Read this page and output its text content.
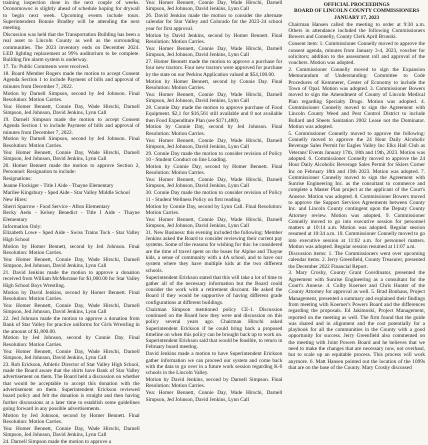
training inspection done in the next couple of weeks. Oconomowoc is slightly ahead of schedule hoping for drywall to begin next week. Upcoming events include tours. Superintendent Bonnie Bradley will be attending the next meeting.

Discussion was held that the Transportation Building has been a real asset to Lincoln County as well as the surrounding communities. The 2023 inventory ends on December 2024. LED lighting replacement at 99% auditorium to be complete. Building fire alarm system is underway.

17. To: Public Comments were received.

18. Board Member Rogers made the motion to accept Consent Agenda Section 1 to include Payment of bills and approval of minutes from December 7, 2022.

Motion by Darnell Simpson, second by Jed Johnson. Final Resolution: Motion Carries.

Yea: Homer Bennett, Connie Day, Wade Hirschi, Darnell Simpson, Jed Johnson, David Jenkins, Lynn Call

19. Darnell Simpson made the motion to accept Consent Agenda Section 1 to include Payment of bills and approval of minutes from December 7, 2022.

Motion by Darnell Simpson, second by Jed Johnson. Final Resolution: Motion Carries.

Yea: Homer Bennett, Connie Day, Wade Hirschi, Darnell Simpson, Jed Johnson, David Jenkins, Lynn Call

20. Homer Bennett made the motion to approve Section 2, Personnel: Resignation to include:

Resignations:

Jeanne Flockiger - Title I Aide - Thayne Elementary

Marilee Kingsbury - Sped Aide - Star Valley Middle School

New Hires:

Sherri Sparrow - Food Service - Afton Elementary

Becky Aedo - Kelsey Benedict - Title I Aide - Thayne Elementary

Information Only:

Elizabeth Lowe - Sped Aide - Swiss Trains Tock - Star Valley High School

Motion by Homer Bennett, second by Jed Johnson. Final Resolution: Motion Carries.

Yea: Homer Bennett, Connie Day, Wade Hirschi, Darnell Simpson, Jed Johnson, David Jenkins, Lynn Call

21. David Jenkins made the motion to approve a donation received from William McMurrane for $1,000.00 for Star Valley High School Boys Wrestling.

Motion by David Jenkins, second by Homer Bennett. Final Resolution: Motion Carries.

Yea: Homer Bennett, Connie Day, Wade Hirschi, Darnell Simpson, Jed Johnson, David Jenkins, Lynn Call

22. Jed Johnson made the motion to approve a donation from Bank of Star Valley for practice uniforms for Girls Wrestling in the amount of $1,800.00.

Motion by Jed Johnson, second by Connie Day. Final Resolution: Motion Carries.

Yea: Homer Bennett, Connie Day, Wade Hirschi, Darnell Simpson, Jed Johnson, David Jenkins, Lynn Call

23. Rob Erickson, Athletic Director of Star Valley High School, made the Board aware that the shirts have Bank of Star Valley advertisement on them. The Board held a discussion on whether that would be acceptable to accept this donation with the advertisement on them. Superintendent Erickson reviewed board policy and felt the donation is straight and then having further discussions at a later time to establish some guidelines going forward in any possible advertisements.

Motion by Jed Johnson, second by Homer Bennett. Final Resolution: Motion Carries.

Yea: Homer Bennett, Connie Day, Wade Hirschi, Darnell Simpson, Jed Johnson, David Jenkins, Lynn Call

24. Darnell Simpson made the motion to approve a

Yea: Homer Bennett, Connie Day, Wade Hirschi, Darnell Simpson, Jed Johnson, David Jenkins, Lynn Call

26. David Jenkins made the motion to consider the alternate calendar for Star Valley and Colorado for the 2023-24 school year for first approval.

Motion by David Jenkins, second by Homer Bennett. Final Resolution: Motion Carries.

Yea: Homer Bennett, Connie Day, Wade Hirschi, Darnell Simpson, Jed Johnson, David Jenkins, Lynn Call

27. Homer Bennett made the motion to approve a purchase for four new tractors. Four new tractors were approved for purchase by the state on our Perkins Application valued at $54,100.00.

Motion by Homer Bennett, second by Connie Day. Final Resolution: Motion Carries.

Yea: Homer Bennett, Connie Day, Wade Hirschi, Darnell Simpson, Jed Johnson, David Jenkins, Lynn Call

28. Connie Day made the motion to approve purchase of Food Equipment. $2,1 for $16,561 still available and 8 not available then Food Expenditure Plan (see $171,480).

Motion by Connie Day, second by Jed Johnson. Final Resolution: Motion Carries.

Yea: Homer Bennett, Connie Day, Wade Hirschi, Darnell Simpson, Jed Johnson, David Jenkins, Lynn Call

29. Connie Day made the motion to consider revision of Policy 10 - Student Conduct on line Loading.

Motion by Connie Day, second by Homer Bennett. Final Resolution: Motion Carries.

Yea: Homer Bennett, Connie Day, Wade Hirschi, Darnell Simpson, Jed Johnson, David Jenkins, Lynn Call

30. Connie Day made the motion to consider revision of Policy 11 - Student Wellness Policy on first reading.

Motion by Connie Day, second by Lynn Call. Final Resolution: Motion Carries.

Yea: Homer Bennett, Connie Day, Wade Hirschi, Darnell Simpson, Jed Johnson, David Jenkins, Lynn Call

31. New Business: this evening included the following: Member Jenkins asked the Board to consider reviewing their current pay systems. Some of the reasons for wishing for this: he considered are the time of travel spent on the buses for Alpine and Thayne kids, a sense of community with a 4A school, and to have our system where they have multiple kids at the two different schools.

Superintendent Erickson stated that this will take a lot of time to gather all of the necessary information but the Board could consider the work with a retirement discount. He asked the Board if they would be supportive of having different grade configurations at different buildings.

Chairman Simpson mentioned policy CE-1. Discussion continued on the Board how they were and discussion on this policy several years ago. Chairman Hirschi asked Superintendent Erickson if he could bring back a proposed timeline on when this policy can be brought back up to work on. Superintendent Erickson said that would be feasible, to return in February board meeting.

David Jenkins made a motion to have Superintendent Erickson gather information we can proceed our system and come back with the data to go over in a future work session regarding K-6 schools in the Lincoln Valley.

Motion by David Jenkins, second by Darnell Simpson. Final Resolution: Motion Carries.

Yea: Homer Bennett, Connie Day, Wade Hirschi, Darnell Simpson, Jed Johnson, David Jenkins, Lynn Call

OFFICIAL PROCEEDINGS
BOARD OF LINCOLN COUNTY COMMISSIONERS
JANUARY 17, 2023

Chairman Hansen called the meeting to order at 9:30 a.m. Others in attendance included the following Commissioners Bowers and Connelly, County Clerk April Brunski.

Consent item: 1. Commissioner Connelly moved to approve the consent agenda, minutes from January 3-4, 2023, voucher for solicitors; addition to the assessment roll and approval of the vouchers. Motion was adopted.

2. Commissioner Connelly moved to sign the Expansion Memorandum of Understanding: Committee to Code Procedures of Kemmerer, Center of Economy to include the Town of Opal. Motion was adopted. 3. Commissioner Bowers moved to sign the Amendment of County of Lincoln Medical Plan regarding Specialty Drugs. Motion was adopted. 4. Commissioner Connelly moved to sign the Agreement with Lincoln County Weed and Pest Control District to include Bollard and Sheets Sanitation 2002 Lease not the Dominator. Motion was adopted.

5. Commissioner Connelly moved to approve the following: Connelly moved to approve the 24 Hour Daily Alcoholic Beverage Sales Permit for Eagles Valley Inc Elks Hall Club as Veterans' Events January 17th, 18th and 19th, 2023. Motion was adopted. 6. Commissioner Connelly moved to approve the 24 Hour Daily Alcoholic Beverage Sales Permit for Skiers Corner Inc on February 18th and 19th 2023. Motion was adopted. 7. Commissioner Connelly moved to sign the Agreement with Sunrise Engineering Inc. as the consultant to commerce and complete a Master Plan project at the applicant of the Court's Annexe. Motion was adopted. 8. Commissioner Bowers moved to approve the Support Services Agreements between County Inc. and Lincoln County contingent upon the Deputy County Attorney review. Motion was adopted. 9. Commissioner Connelly moved to go into executive session for personnel matters at 10:14 a.m. Motion was adopted. Regular session resumed at 10:34 a.m. 10. Commissioner Connelly moved to go into executive session at 11:02 a.m. for personnel matters. Motion was adopted. Regular session resumed at 11:07 a.m.

Discussion items: 1. The Commissioners went over upcoming calendar items. 2. Jerry Greenfield, County Treasurer, presented the December 2022 Financial Report.

3. Mary Crosby, County Grant Coordinator, presented the Agreement with Sunrise Engineering as a consultant for the Court's Annexe. 4. Colby Koerner and Chris Hunter of the County Attorney for approval as well. 5. Brad Bonhaus, Project Management, presented a summary and explained their findings from meeting with Koerner's Powers Board and the differences regarding the proposals. Ed Jakimoski, Project Management, reported on the meeting as well. The firm found that the guide was shared and in alignment and the cost potentially for a playbook for all the communities in the County with a good opportunity for success. Jerry Greenfield also commented on the meeting with Joint Powers Board and he believes that we need to make the changes that are necessary now, not overhaul, but to scale up an equitable process. This process will work anymore. 6. Matt Hansen pointed out the location of the 1099s that are on the base of the County. Mary Crosby discussed
